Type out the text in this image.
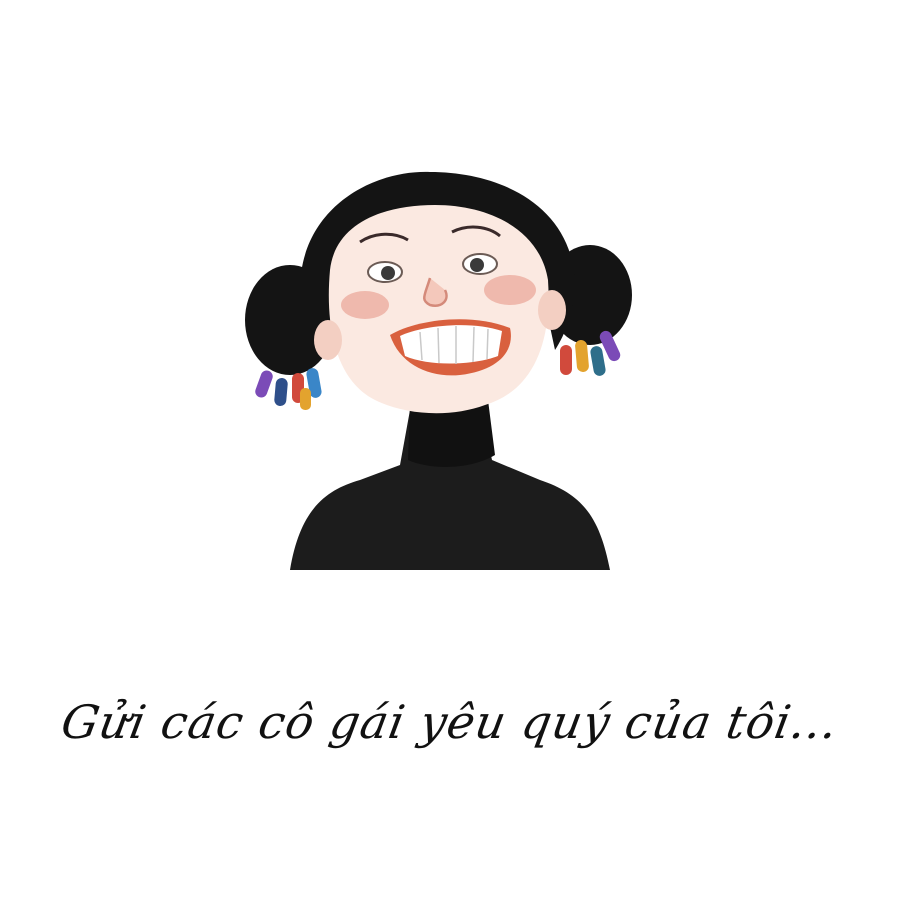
Gửi các cô gái yêu quý của tôi...
